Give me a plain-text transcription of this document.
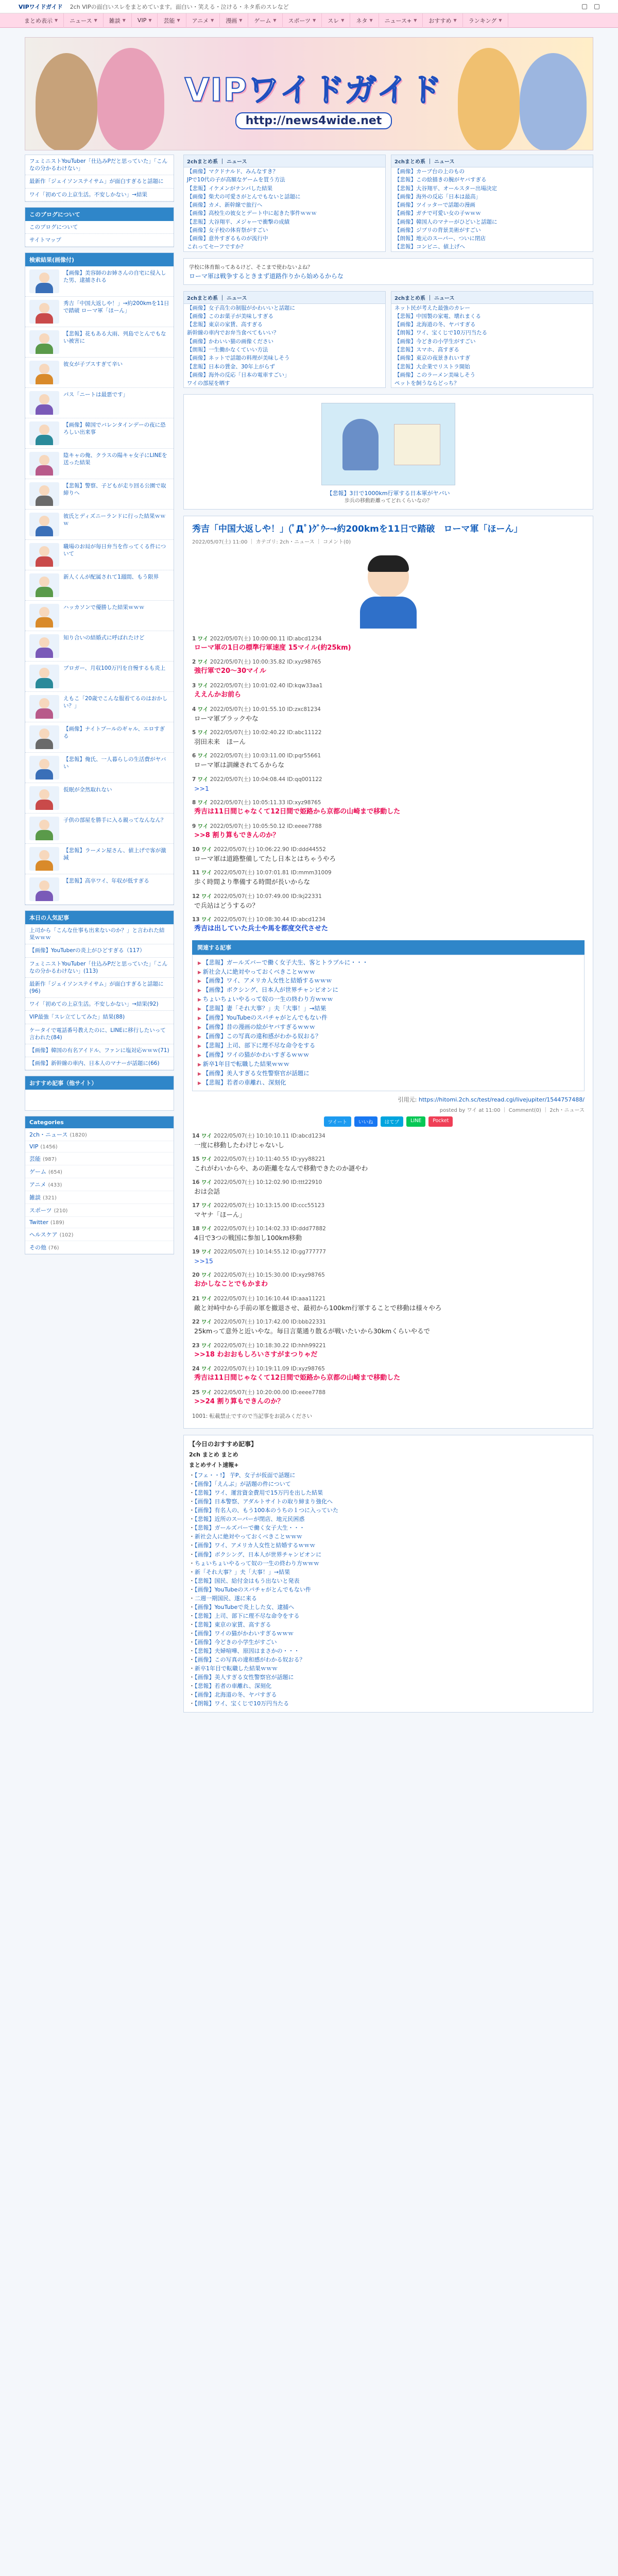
VIPワイドガイド 2ch VIPの面白いスレをまとめています。面白い・笑える・泣ける・ネタ系のスレなど
まとめ表示 ▼ ニュース ▼ 雑談 ▼ VIP ▼ 芸能 ▼ アニメ ▼ 漫画 ▼ ゲーム ▼ スポーツ ▼ スレ ▼ ネタ ▼ ニュース+ ▼ おすすめ ▼ ランキング ▼
VIPワイドガイド
http://news4wide.net
フェミニストYouTuber「仕込みPだと思っていた」「こんなの分かるわけない」
最新作「ジェイソンステイサム」が面白すぎると話題に
ワイ「初めての上京生活。不安しかない」→結果
このブログについて
このブログについて
サイトマップ
検索結果(画像付)
【画像】美容師のお姉さんの自宅に侵入した男、逮捕される
秀吉「中国大返しや！」→約200kmを11日で踏破 ローマ軍「ほーん」
【悲報】花もある大雨、列島でとんでもない被害に
彼女が子ブスすぎて辛い
パス「ニートは最悪です」
【画像】韓国でバレンタインデーの夜に恐ろしい出来事
陰キャの俺、クラスの陽キャ女子にLINEを送った結果
【悲報】警察、子どもが走り回る公園で取締りへ
彼氏とディズニーランドに行った結果ｗｗｗ
職場のお局が毎日弁当を作ってくる件について
新人くんが配属されて1週間、もう限界
ハッカソンで優勝した結果ｗｗｗ
知り合いの結婚式に呼ばれたけど
ブロガー、月収100万円を自慢するも炎上
えもこ「20歳でこんな服着てるのはおかしい？」
【画像】ナイトプールのギャル、エロすぎる
【悲報】俺氏、一人暮らしの生活費がヤバい
仮眠が全然取れない
子供の部屋を勝手に入る親ってなんなん？
【悲報】ラーメン屋さん、値上げで客が激減
【悲報】高卒ワイ、年収が低すぎる
本日の人気記事
上司から「こんな仕事も出来ないのか？」と言われた結果ｗｗｗ
【画像】YouTuberの炎上がひどすぎる（117）
フェミニストYouTuber「仕込みPだと思っていた」「こんなの分かるわけない」(113)
最新作「ジェイソンステイサム」が面白すぎると話題に(96)
ワイ「初めての上京生活。不安しかない」→結果(92)
VIP最強「スレ立てしてみた」結果(88)
ケータイで電話番号教えたのに、LINEに移行したいって言われた(84)
【画像】韓国の有名アイドル、ファンに塩対応ｗｗｗ(71)
【画像】新幹線の車内、日本人のマナーが話題に(66)
おすすめ記事（他サイト）
Categories
2ch・ニュース (1820)
VIP (1456)
芸能 (987)
ゲーム (654)
アニメ (433)
雑談 (321)
スポーツ (210)
Twitter (189)
ヘルスケア (102)
その他 (76)
2chまとめ系 ｜ ニュース
【画像】マクドナルド、みんなすき？
JPで10代の子が高額なゲームを買う方法
【悲報】イケメンがナンパした結果
【画像】柴犬の可愛さがとんでもないと話題に
【画像】カメ、新幹線で旅行へ
【画像】高校生の彼女とデート中に起きた事件ｗｗｗ
【悲報】大谷翔平、メジャーで衝撃の成績
【画像】女子校の体育祭がすごい
【画像】意外すぎるものが流行中
これってセーフですか？
2chまとめ系 ｜ ニュース
【画像】カーブ台の上のもの
【悲報】この絵描きの腕がヤバすぎる
【悲報】大谷翔平、オールスター出場決定
【画像】海外の反応「日本は最高」
【画像】ツイッターで話題の漫画
【画像】ガチで可愛い女の子ｗｗｗ
【画像】韓国人のマナーがひどいと話題に
【画像】ジブリの背景美術がすごい
【朗報】地元のスーパー、ついに閉店
【悲報】コンビニ、値上げへ
学校に体育館ってあるけど、そこまで使わないよね？
ローマ軍は戦争するときまず道路作りから始めるからな
2chまとめ系 ｜ ニュース
【画像】女子高生の制服がかわいいと話題に
【画像】このお菓子が美味しすぎる
【悲報】東京の家賃、高すぎる
新幹線の車内でお弁当食べてもいい？
【画像】かわいい猫の画像ください
【朗報】一生働かなくていい方法
【画像】ネットで話題の料理が美味しそう
【悲報】日本の賃金、30年上がらず
【画像】海外の反応「日本の電車すごい」
ワイの部屋を晒す
2chまとめ系 ｜ ニュース
ネット民が考えた最強のカレー
【悲報】中国製の家電、壊れまくる
【画像】北海道の冬、ヤバすぎる
【朗報】ワイ、宝くじで10万円当たる
【画像】今どきの小学生がすごい
【悲報】スマホ、高すぎる
【画像】東京の夜景きれいすぎ
【悲報】大企業でリストラ開始
【画像】このラーメン美味しそう
ペットを飼うならどっち？
【悲報】3日で1000km行軍する日本軍がヤバい
歩兵の移動距離ってどれくらいなの？
秀吉「中国大返しや！」(ﾟДﾟ)ｸﾞｳｰ→約200kmを11日で踏破　ローマ軍「ほーん」
2022/05/07(土) 11:00 ｜ カテゴリ: 2ch・ニュース ｜ コメント(0)
1 ワイ 2022/05/07(土) 10:00:00.11 ID:abcd1234
ローマ軍の1日の標準行軍速度 15マイル(約25km)
2 ワイ 2022/05/07(土) 10:00:35.82 ID:xyz98765
強行軍で20〜30マイル
3 ワイ 2022/05/07(土) 10:01:02.40 ID:kqw33aa1
ええんかお前ら
4 ワイ 2022/05/07(土) 10:01:55.10 ID:zxc81234
ローマ軍ブラックやな
5 ワイ 2022/05/07(土) 10:02:40.22 ID:abc11122
羽田未来　ほーん
6 ワイ 2022/05/07(土) 10:03:11.00 ID:pqr55661
ローマ軍は訓練されてるからな
7 ワイ 2022/05/07(土) 10:04:08.44 ID:qq001122
>>1
8 ワイ 2022/05/07(土) 10:05:11.33 ID:xyz98765
秀吉は11日間じゃなくて12日間で姫路から京都の山崎まで移動した
9 ワイ 2022/05/07(土) 10:05:50.12 ID:eeee7788
>>8 割り算もできんのか？
10 ワイ 2022/05/07(土) 10:06:22.90 ID:ddd44552
ローマ軍は道路整備してたし日本とはちゃうやろ
11 ワイ 2022/05/07(土) 10:07:01.81 ID:mmm31009
歩く時間より準備する時間が長いからな
12 ワイ 2022/05/07(土) 10:07:49.00 ID:lkj22331
で兵站はどうするの？
13 ワイ 2022/05/07(土) 10:08:30.44 ID:abcd1234
秀吉は出していた兵士や馬を都度交代させた
関連する記事
▶ 【悲報】ガールズバーで働く女子大生、客とトラブルに・・・
▶ 新社会人に絶対やっておくべきことｗｗｗ
▶ 【画像】ワイ、アメリカ人女性と結婚するｗｗｗ
▶ 【画像】ボクシング、日本人が世界チャンピオンに
▶ ちょいちょいやるって奴の一生の終わり方ｗｗｗ
▶ 【悲報】妻「それ大事？」夫「大事！」→結果
▶ 【画像】YouTubeのスパチャがとんでもない件
▶ 【画像】昔の漫画の絵がヤバすぎるｗｗｗ
▶ 【画像】この写真の違和感がわかる奴おる？
▶ 【悲報】上司、部下に理不尽な命令をする
▶ 【画像】ワイの猫がかわいすぎるｗｗｗ
▶ 新卒1年目で転職した結果ｗｗｗ
▶ 【画像】美人すぎる女性警察官が話題に
▶ 【悲報】若者の車離れ、深刻化
引用元: https://hitomi.2ch.sc/test/read.cgi/livejupiter/1544757488/
posted by ワイ at 11:00 ｜ Comment(0) ｜ 2ch・ニュース
ツイート	いいね	はてブ	LINE	Pocket
14 ワイ 2022/05/07(土) 10:10:10.11 ID:abcd1234
一度に移動したわけじゃないし
15 ワイ 2022/05/07(土) 10:11:40.55 ID:yyy88221
これがわいからや、あの距離をなんで移動できたのか謎やわ
16 ワイ 2022/05/07(土) 10:12:02.90 ID:ttt22910
おは会話
17 ワイ 2022/05/07(土) 10:13:15.00 ID:ccc55123
マヤナ「ほーん」
18 ワイ 2022/05/07(土) 10:14:02.33 ID:ddd77882
4日で3つの戦国に参加し100km移動
19 ワイ 2022/05/07(土) 10:14:55.12 ID:gg777777
>>15
20 ワイ 2022/05/07(土) 10:15:30.00 ID:xyz98765
おかしなことでもかまわ
21 ワイ 2022/05/07(土) 10:16:10.44 ID:aaa11221
敵と対峙中から手前の軍を撤退させ、最初から100km行軍することで移動は様々やろ
22 ワイ 2022/05/07(土) 10:17:42.00 ID:bbb22331
25kmって意外と近いやな。毎日言葉通り散るが戦いたいから30kmくらいやるで
23 ワイ 2022/05/07(土) 10:18:30.22 ID:hhh99221
>>18 わおおもしろいさすがまつりゃだ
24 ワイ 2022/05/07(土) 10:19:11.09 ID:xyz98765
秀吉は11日間じゃなくて12日間で姫路から京都の山崎まで移動した
25 ワイ 2022/05/07(土) 10:20:00.00 ID:eeee7788
>>24 割り算もできんのか？
1001: 転載禁止ですので当記事をお読みください
【今日のおすすめ記事】
2ch まとめ まとめ
まとめサイト速報+
・ 【フェ・・!】 芋P、女子が仮面で話題に
・ 【画像】「えんぶ」が話題の件について
・ 【悲報】ワイ、運営資金費用で15万円を出した結果
・ 【画像】日本警察、アダルトサイトの取り締まり強化へ
・ 【画像】有名人の、もう100本のうちの１つに入っていた
・ 【悲報】近所のスーパーが閉店、地元民困惑
・ 【悲報】ガールズバーで働く女子大生・・・
・ 新社会人に絶対やっておくべきことｗｗｗ
・ 【画像】ワイ、アメリカ人女性と結婚するｗｗｗ
・ 【画像】ボクシング、日本人が世界チャンピオンに
・ ちょいちょいやるって奴の一生の終わり方ｗｗｗ
・ 新「それ大事？」夫「大事！」→結果
・ 【悲報】国民、給付金はもう出ないと発表
・ 【画像】YouTubeのスパチャがとんでもない件
・ 二週一期国民、遂に来る
・ 【画像】YouTubeで炎上した女、逮捕へ
・ 【悲報】上司、部下に理不尽な命令をする
・ 【悲報】東京の家賃、高すぎる
・ 【画像】ワイの猫がかわいすぎるｗｗｗ
・ 【画像】今どきの小学生がすごい
・ 【悲報】夫婦喧嘩、原因はまさかの・・・
・ 【画像】この写真の違和感がわかる奴おる？
・ 新卒1年目で転職した結果ｗｗｗ
・ 【画像】美人すぎる女性警察官が話題に
・ 【悲報】若者の車離れ、深刻化
・ 【画像】北海道の冬、ヤバすぎる
・ 【朗報】ワイ、宝くじで10万円当たる
